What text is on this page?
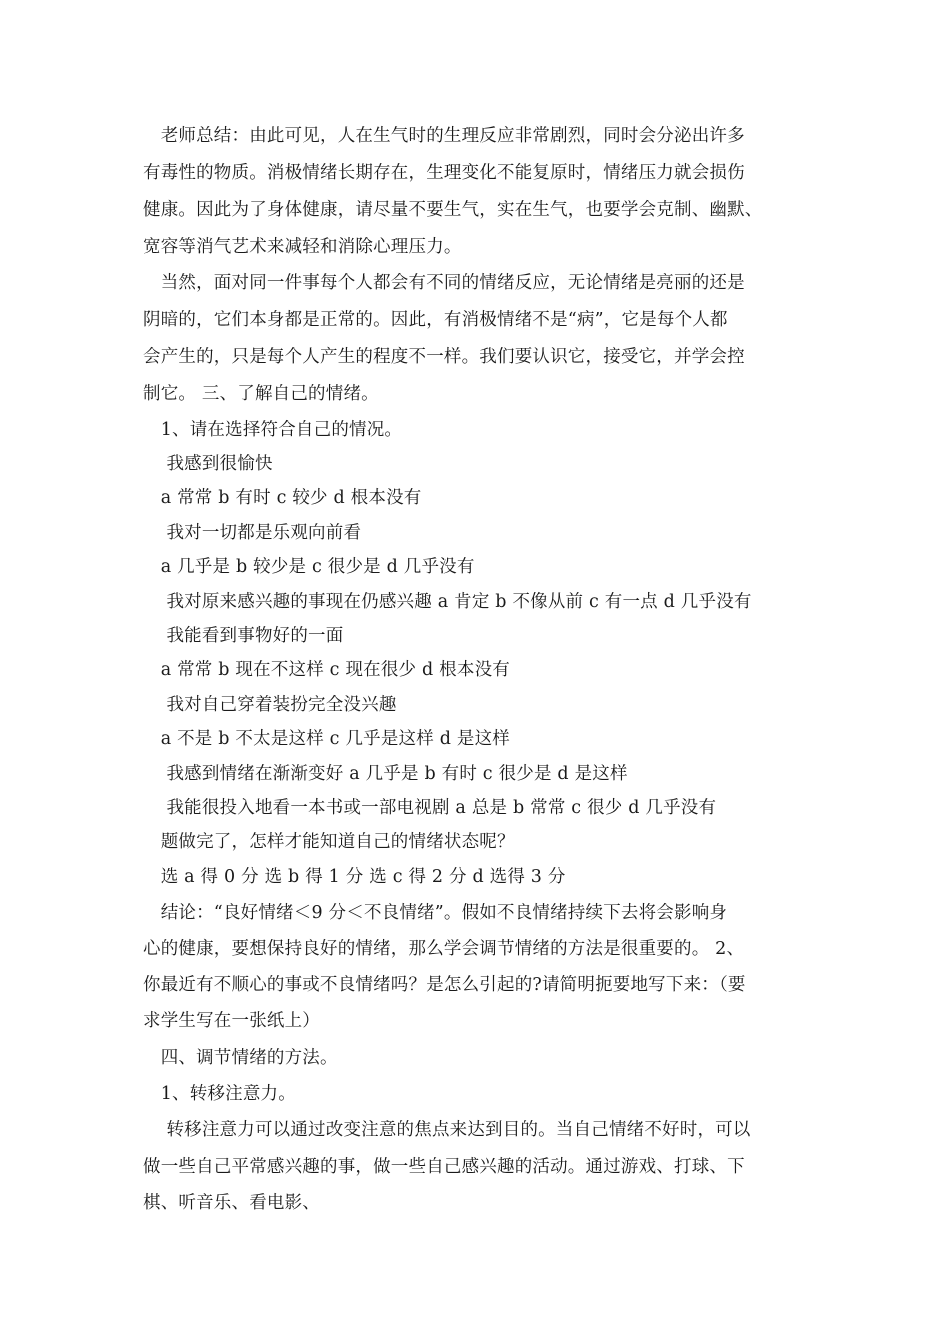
　老师总结：由此可见，人在生气时的生理反应非常剧烈，同时会分泌出许多
有毒性的物质。消极情绪长期存在，生理变化不能复原时，情绪压力就会损伤
健康。因此为了身体健康，请尽量不要生气，实在生气，也要学会克制、幽默、
宽容等消气艺术来减轻和消除心理压力。
　当然，面对同一件事每个人都会有不同的情绪反应，无论情绪是亮丽的还是
阴暗的，它们本身都是正常的。因此，有消极情绪不是“病”，它是每个人都
会产生的，只是每个人产生的程度不一样。我们要认识它，接受它，并学会控
制它。 三、了解自己的情绪。
　1、请在选择符合自己的情况。
　 我感到很愉快
　a 常常 b 有时 c 较少 d 根本没有
　 我对一切都是乐观向前看
　a 几乎是 b 较少是 c 很少是 d 几乎没有
　 我对原来感兴趣的事现在仍感兴趣 a 肯定 b 不像从前 c 有一点 d 几乎没有
　 我能看到事物好的一面
　a 常常 b 现在不这样 c 现在很少 d 根本没有
　 我对自己穿着装扮完全没兴趣
　a 不是 b 不太是这样 c 几乎是这样 d 是这样
　 我感到情绪在渐渐变好 a 几乎是 b 有时 c 很少是 d 是这样
　 我能很投入地看一本书或一部电视剧 a 总是 b 常常 c 很少 d 几乎没有
　题做完了，怎样才能知道自己的情绪状态呢？
　选 a 得 0 分 选 b 得 1 分 选 c 得 2 分 d 选得 3 分
　结论：“良好情绪＜9 分＜不良情绪”。假如不良情绪持续下去将会影响身
心的健康，要想保持良好的情绪，那么学会调节情绪的方法是很重要的。 2、
你最近有不顺心的事或不良情绪吗？是怎么引起的?请简明扼要地写下来：（要
求学生写在一张纸上）
　四、调节情绪的方法。
　1、转移注意力。
　 转移注意力可以通过改变注意的焦点来达到目的。当自己情绪不好时，可以
做一些自己平常感兴趣的事，做一些自己感兴趣的活动。通过游戏、打球、下
棋、听音乐、看电影、
